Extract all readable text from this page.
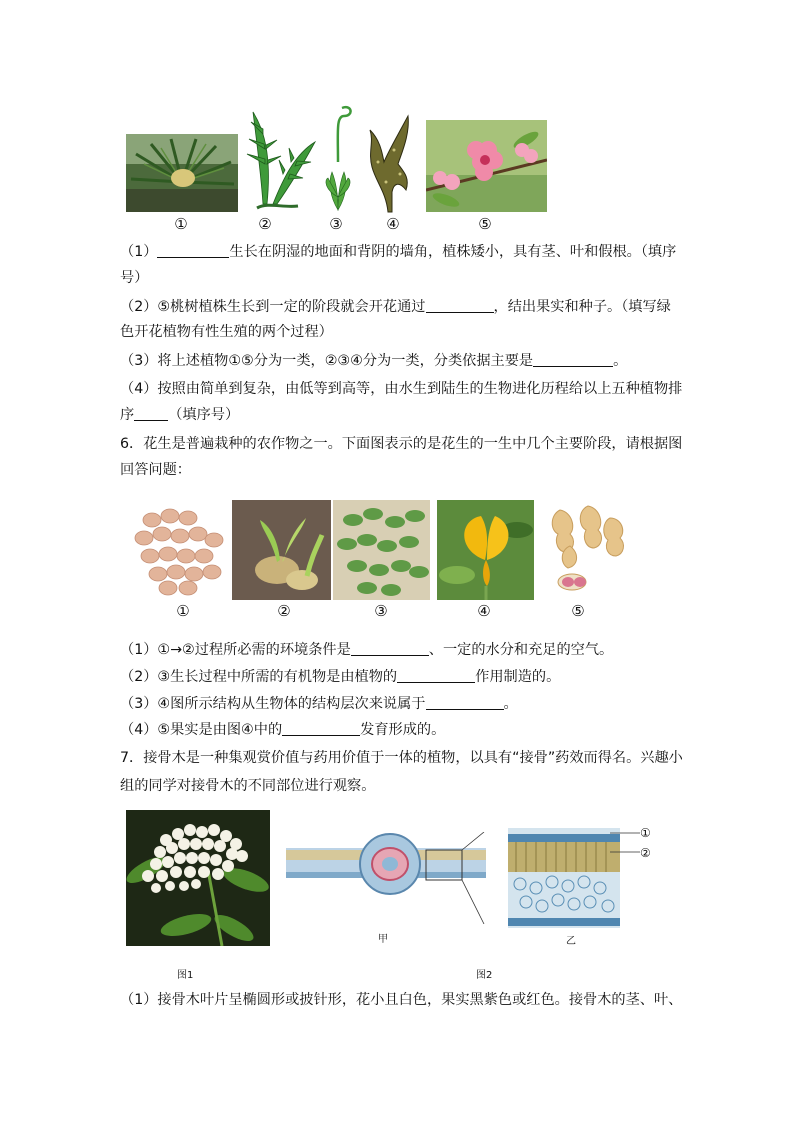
①	②	③	④	⑤
（1）	生长在阴湿的地面和背阴的墙角，植株矮小，具有茎、叶和假根。（填序
号）
（2）⑤桃树植株生长到一定的阶段就会开花通过	，结出果实和种子。（填写绿
色开花植物有性生殖的两个过程）
（3）将上述植物①⑤分为一类，②③④分为一类，分类依据主要是	。
（4）按照由简单到复杂，由低等到高等，由水生到陆生的生物进化历程给以上五种植物排
序 （填序号）
6．花生是普遍栽种的农作物之一。下面图表示的是花生的一生中几个主要阶段，请根据图
回答问题：
①	②	③	④	⑤
（1）①→②过程所必需的环境条件是	、一定的水分和充足的空气。
（2）③生长过程中所需的有机物是由植物的	作用制造的。
（3）④图所示结构从生物体的结构层次来说属于	。
（4）⑤果实是由图④中的	发育形成的。
7．接骨木是一种集观赏价值与药用价值于一体的植物，以具有“接骨”药效而得名。兴趣小
组的同学对接骨木的不同部位进行观察。
甲
①
②
乙
图1	图2
（1）接骨木叶片呈椭圆形或披针形，花小且白色，果实黑紫色或红色。接骨木的茎、叶、
